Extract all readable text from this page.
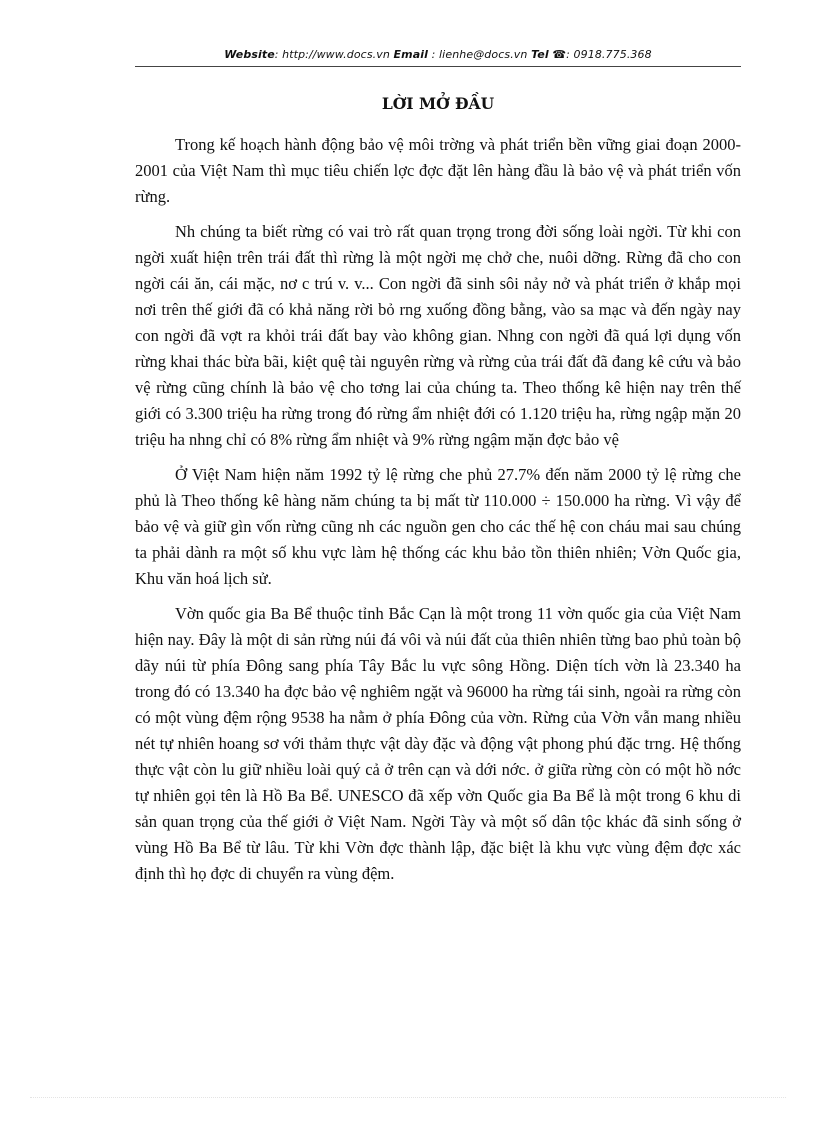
Website: http://www.docs.vn Email : lienhe@docs.vn Tel ☎: 0918.775.368
LỜI MỞ ĐẦU

Trong kế hoạch hành động bảo vệ môi trờng và phát triển bền vững giai đoạn 2000-2001 của Việt Nam thì mục tiêu chiến lợc đợc đặt lên hàng đầu là bảo vệ và phát triển vốn rừng.

Nh chúng ta biết rừng có vai trò rất quan trọng trong đời sống loài ngời. Từ khi con ngời xuất hiện trên trái đất thì rừng là một ngời mẹ chở che, nuôi dỡng. Rừng đã cho con ngời cái ăn, cái mặc, nơ c trú v. v... Con ngời đã sinh sôi nảy nở và phát triển ở khắp mọi nơi trên thế giới đã có khả năng rời bỏ rng xuống đồng bằng, vào sa mạc và đến ngày nay con ngời đã vợt ra khỏi trái đất bay vào không gian. Nhng con ngời đã quá lợi dụng vốn rừng khai thác bừa bãi, kiệt quệ tài nguyên rừng và rừng của trái đất đã đang kê cứu và bảo vệ rừng cũng chính là bảo vệ cho tơng lai của chúng ta. Theo thống kê hiện nay trên thế giới có 3.300 triệu ha rừng trong đó rừng ẩm nhiệt đới có 1.120 triệu ha, rừng ngập mặn 20 triệu ha nhng chỉ có 8% rừng ẩm nhiệt và 9% rừng ngậm mặn đợc bảo vệ

Ở Việt Nam hiện năm 1992 tỷ lệ rừng che phủ 27.7% đến năm 2000 tỷ lệ rừng che phủ là Theo thống kê hàng năm chúng ta bị mất từ 110.000 ÷ 150.000 ha rừng. Vì vậy để bảo vệ và giữ gìn vốn rừng cũng nh các nguồn gen cho các thế hệ con cháu mai sau chúng ta phải dành ra một số khu vực làm hệ thống các khu bảo tồn thiên nhiên; Vờn Quốc gia, Khu văn hoá lịch sử.

Vờn quốc gia Ba Bể thuộc tỉnh Bắc Cạn là một trong 11 vờn quốc gia của Việt Nam hiện nay. Đây là một di sản rừng núi đá vôi và núi đất của thiên nhiên từng bao phủ toàn bộ dãy núi từ phía Đông sang phía Tây Bắc lu vực sông Hồng. Diện tích vờn là 23.340 ha trong đó có 13.340 ha đợc bảo vệ nghiêm ngặt và 96000 ha rừng tái sinh, ngoài ra rừng còn có một vùng đệm rộng 9538 ha nằm ở phía Đông của vờn. Rừng của Vờn vẫn mang nhiều nét tự nhiên hoang sơ với thảm thực vật dày đặc và động vật phong phú đặc trng. Hệ thống thực vật còn lu giữ nhiều loài quý cả ở trên cạn và dới nớc. ở giữa rừng còn có một hồ nớc tự nhiên gọi tên là Hồ Ba Bể. UNESCO đã xếp vờn Quốc gia Ba Bể là một trong 6 khu di sản quan trọng của thế giới ở Việt Nam. Ngời Tày và một số dân tộc khác đã sinh sống ở vùng Hồ Ba Bể từ lâu. Từ khi Vờn đợc thành lập, đặc biệt là khu vực vùng đệm đợc xác định thì họ đợc di chuyển ra vùng đệm.
